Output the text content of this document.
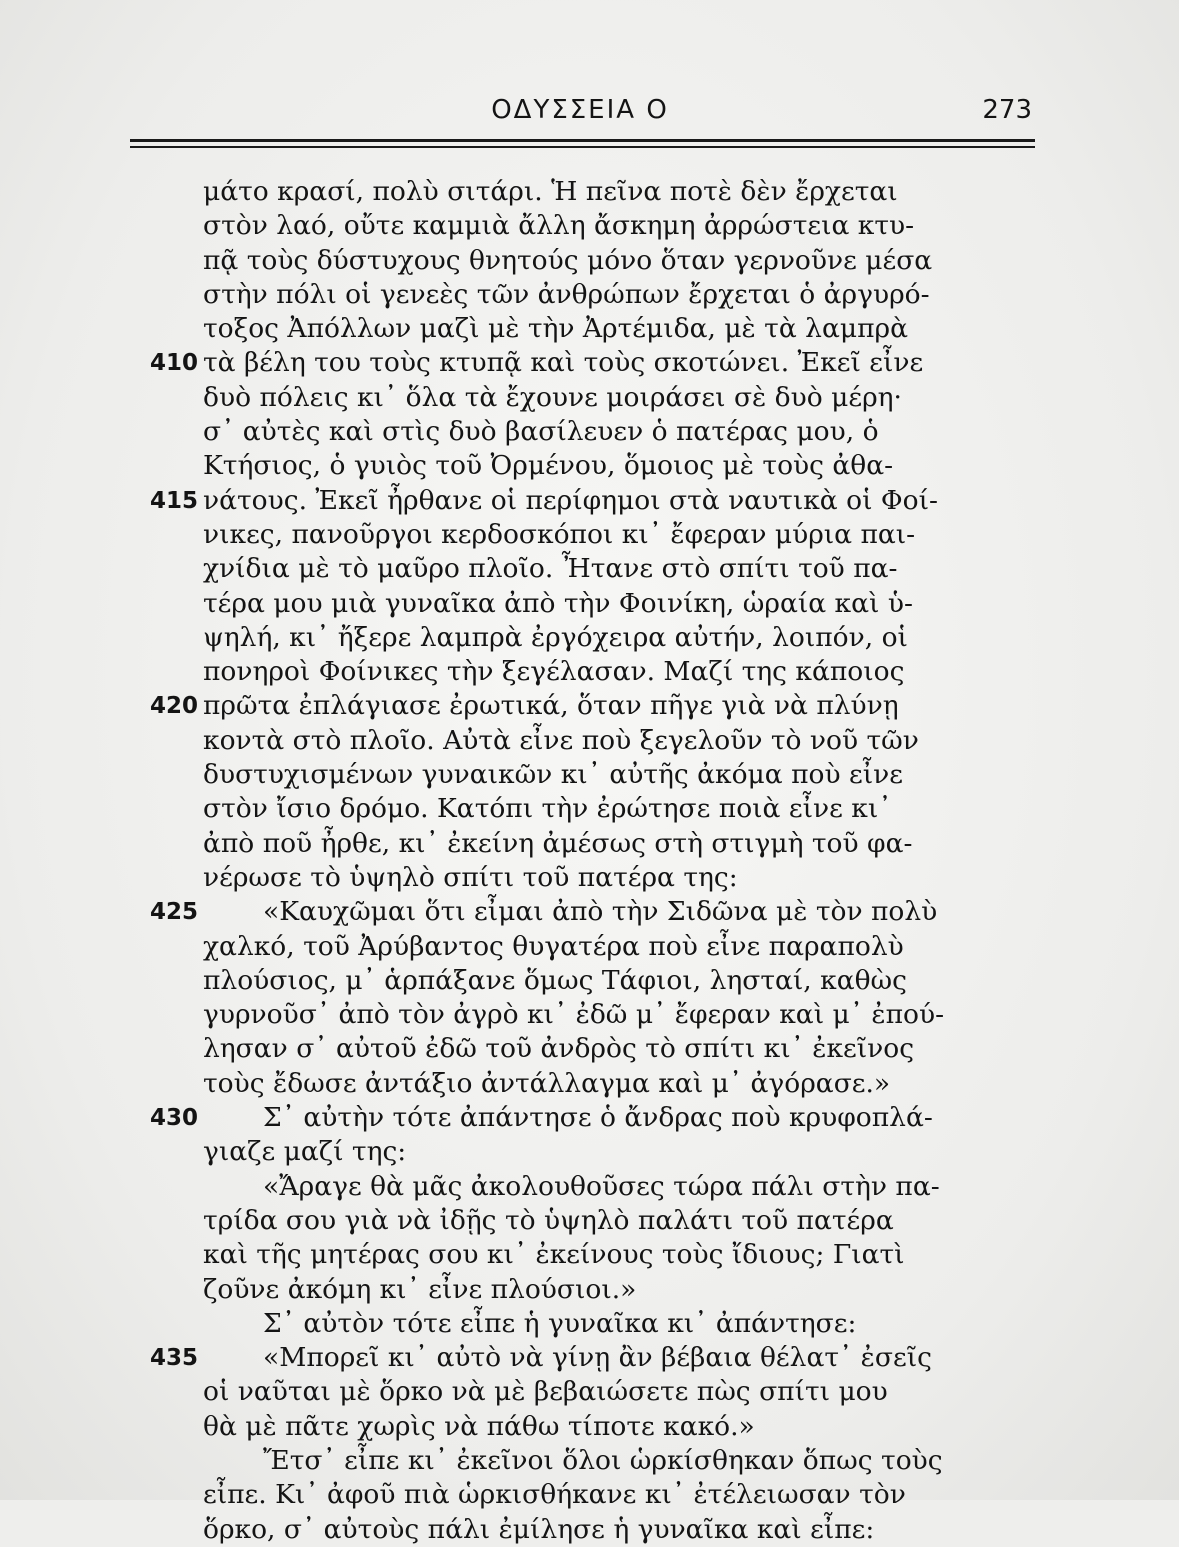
ΟΔΥΣΣΕΙΑ Ο	273
μάτο κρασί, πολὺ σιτάρι. Ἡ πεῖνα ποτὲ δὲν ἔρχεται
στὸν λαό, οὔτε καμμιὰ ἄλλη ἄσκημη ἀρρώστεια κτυ-
πᾷ τοὺς δύστυχους θνητούς μόνο ὅταν γερνοῦνε μέσα
στὴν πόλι οἱ γενεὲς τῶν ἀνθρώπων ἔρχεται ὁ ἀργυρό-
τοξος Ἀπόλλων μαζὶ μὲ τὴν Ἀρτέμιδα, μὲ τὰ λαμπρὰ
410 τὰ βέλη του τοὺς κτυπᾷ καὶ τοὺς σκοτώνει. Ἐκεῖ εἶνε
δυὸ πόλεις κι᾽ ὅλα τὰ ἔχουνε μοιράσει σὲ δυὸ μέρη·
σ᾽ αὐτὲς καὶ στὶς δυὸ βασίλευεν ὁ πατέρας μου, ὁ
Κτήσιος, ὁ γυιὸς τοῦ Ὀρμένου, ὅμοιος μὲ τοὺς ἀθα-
415 νάτους. Ἐκεῖ ἦρθανε οἱ περίφημοι στὰ ναυτικὰ οἱ Φοί-
νικες, πανοῦργοι κερδοσκόποι κι᾽ ἔφεραν μύρια παι-
χνίδια μὲ τὸ μαῦρο πλοῖο. Ἦτανε στὸ σπίτι τοῦ πα-
τέρα μου μιὰ γυναῖκα ἀπὸ τὴν Φοινίκη, ὡραία καὶ ὑ-
ψηλή, κι᾽ ἤξερε λαμπρὰ ἐργόχειρα αὐτήν, λοιπόν, οἱ
πονηροὶ Φοίνικες τὴν ξεγέλασαν. Μαζί της κάποιος
420 πρῶτα ἐπλάγιασε ἐρωτικά, ὅταν πῆγε γιὰ νὰ πλύνῃ
κοντὰ στὸ πλοῖο. Αὐτὰ εἶνε ποὺ ξεγελοῦν τὸ νοῦ τῶν
δυστυχισμένων γυναικῶν κι᾽ αὐτῆς ἀκόμα ποὺ εἶνε
στὸν ἴσιο δρόμο. Κατόπι τὴν ἐρώτησε ποιὰ εἶνε κι᾽
ἀπὸ ποῦ ἦρθε, κι᾽ ἐκείνη ἀμέσως στὴ στιγμὴ τοῦ φα-
νέρωσε τὸ ὑψηλὸ σπίτι τοῦ πατέρα της:
425	«Καυχῶμαι ὅτι εἶμαι ἀπὸ τὴν Σιδῶνα μὲ τὸν πολὺ
χαλκό, τοῦ Ἀρύβαντος θυγατέρα ποὺ εἶνε παραπολὺ
πλούσιος, μ᾽ ἁρπάξανε ὅμως Τάφιοι, λησταί, καθὼς
γυρνοῦσ᾽ ἀπὸ τὸν ἀγρὸ κι᾽ ἐδῶ μ᾽ ἔφεραν καὶ μ᾽ ἐπού-
λησαν σ᾽ αὐτοῦ ἐδῶ τοῦ ἀνδρὸς τὸ σπίτι κι᾽ ἐκεῖνος
τοὺς ἔδωσε ἀντάξιο ἀντάλλαγμα καὶ μ᾽ ἀγόρασε.»
430	Σ᾽ αὐτὴν τότε ἀπάντησε ὁ ἄνδρας ποὺ κρυφοπλά-
γιαζε μαζί της:
«Ἄραγε θὰ μᾶς ἀκολουθοῦσες τώρα πάλι στὴν πα-
τρίδα σου γιὰ νὰ ἰδῇς τὸ ὑψηλὸ παλάτι τοῦ πατέρα
καὶ τῆς μητέρας σου κι᾽ ἐκείνους τοὺς ἴδιους; Γιατὶ
ζοῦνε ἀκόμη κι᾽ εἶνε πλούσιοι.»
Σ᾽ αὐτὸν τότε εἶπε ἡ γυναῖκα κι᾽ ἀπάντησε:
435	«Μπορεῖ κι᾽ αὐτὸ νὰ γίνῃ ἂν βέβαια θέλατ᾽ ἐσεῖς
οἱ ναῦται μὲ ὅρκο νὰ μὲ βεβαιώσετε πὼς σπίτι μου
θὰ μὲ πᾶτε χωρὶς νὰ πάθω τίποτε κακό.»
Ἔτσ᾽ εἶπε κι᾽ ἐκεῖνοι ὅλοι ὡρκίσθηκαν ὅπως τοὺς
εἶπε. Κι᾽ ἀφοῦ πιὰ ὡρκισθήκανε κι᾽ ἐτέλειωσαν τὸν
ὅρκο, σ᾽ αὐτοὺς πάλι ἐμίλησε ἡ γυναῖκα καὶ εἶπε:
